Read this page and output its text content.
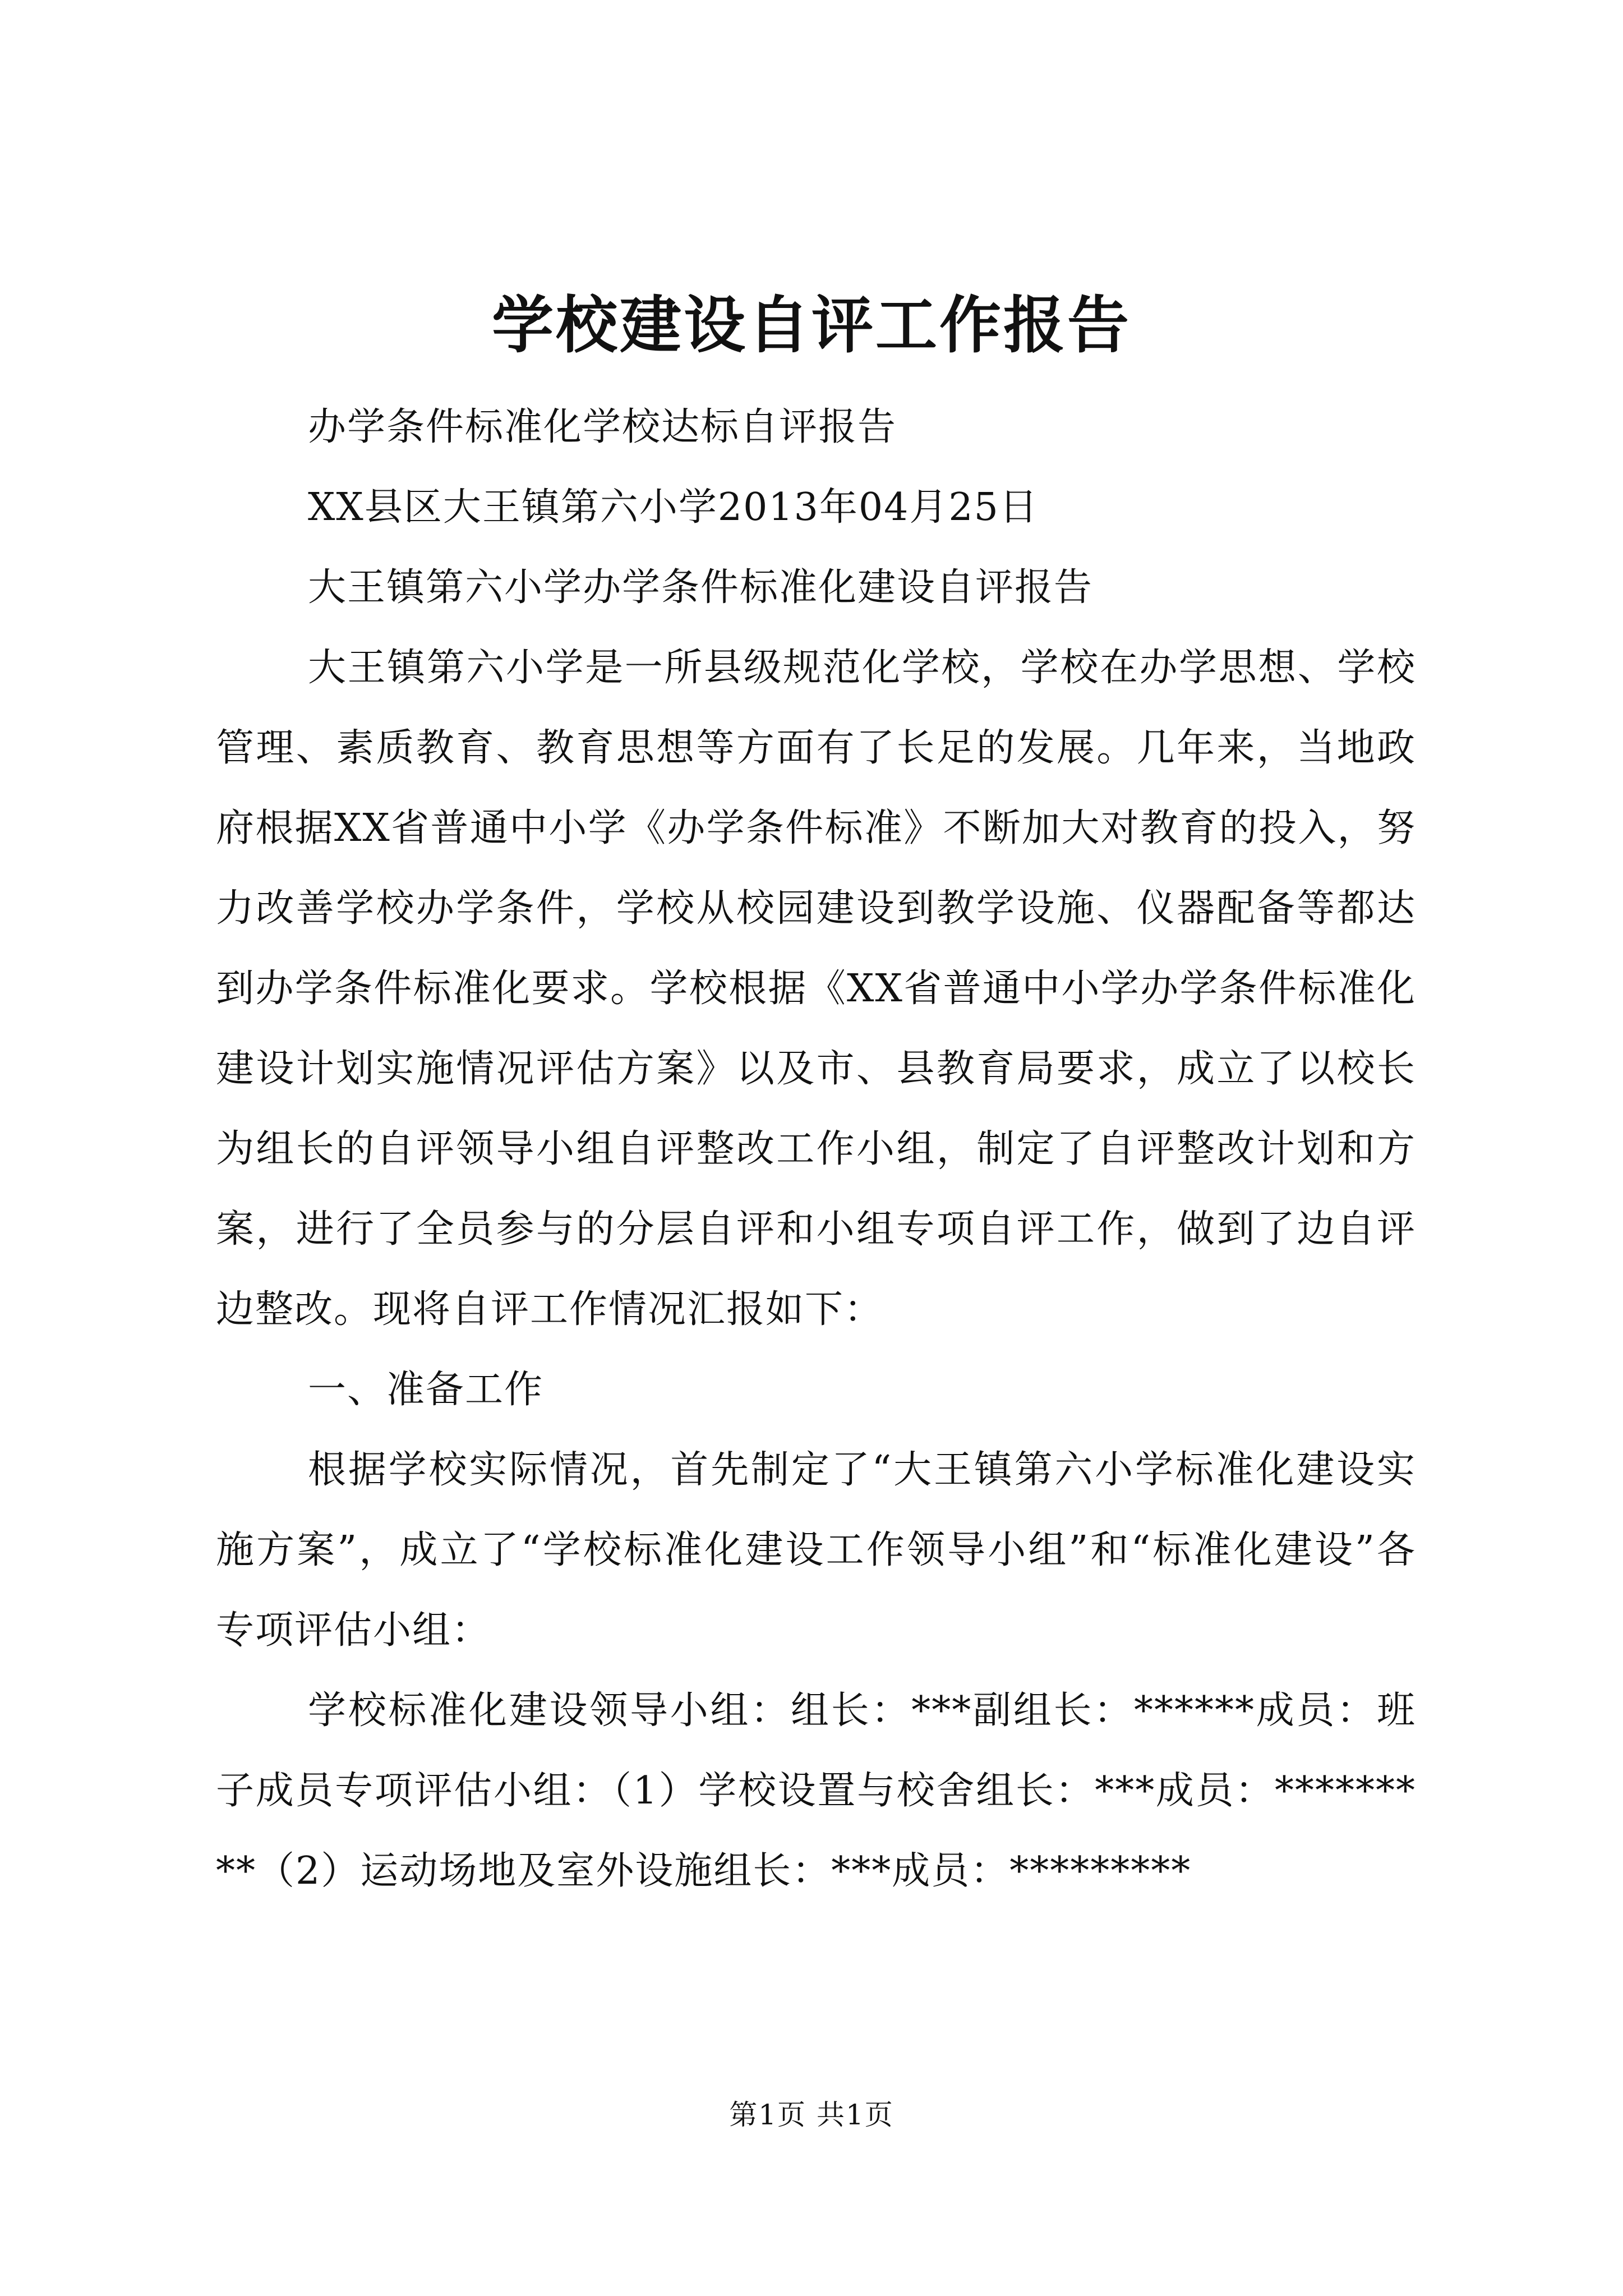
学校建设自评工作报告

办学条件标准化学校达标自评报告

XX县区大王镇第六小学2013年04月25日

大王镇第六小学办学条件标准化建设自评报告

大王镇第六小学是一所县级规范化学校，学校在办学思想、学校管理、素质教育、教育思想等方面有了长足的发展。几年来，当地政府根据XX省普通中小学《办学条件标准》不断加大对教育的投入，努力改善学校办学条件，学校从校园建设到教学设施、仪器配备等都达到办学条件标准化要求。学校根据《XX省普通中小学办学条件标准化建设计划实施情况评估方案》以及市、县教育局要求，成立了以校长为组长的自评领导小组自评整改工作小组，制定了自评整改计划和方案，进行了全员参与的分层自评和小组专项自评工作，做到了边自评边整改。现将自评工作情况汇报如下：

一、准备工作

根据学校实际情况，首先制定了“大王镇第六小学标准化建设实施方案”，成立了“学校标准化建设工作领导小组”和“标准化建设”各专项评估小组：

学校标准化建设领导小组：组长：***副组长：******成员：班子成员专项评估小组：（1）学校设置与校舍组长：***成员：*********（2）运动场地及室外设施组长：***成员：*********

第1页 共1页
